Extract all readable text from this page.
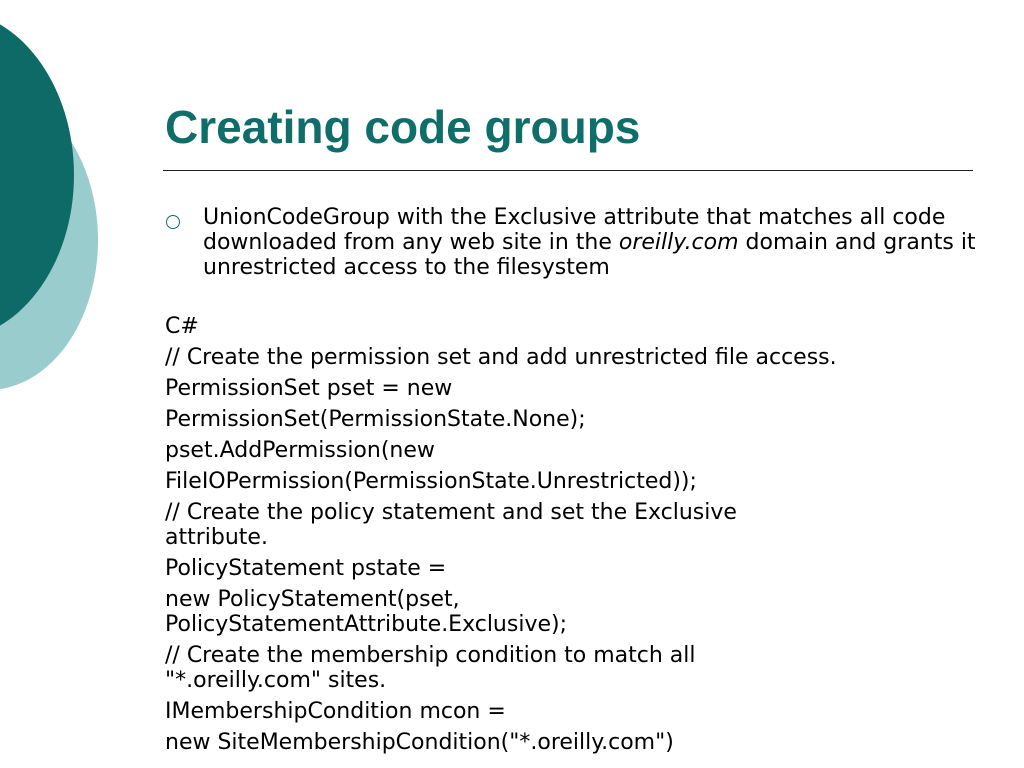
Creating code groups

UnionCodeGroup with the Exclusive attribute that matches all code downloaded from any web site in the oreilly.com domain and grants it unrestricted access to the filesystem

C#
// Create the permission set and add unrestricted file access.
PermissionSet pset = new
PermissionSet(PermissionState.None);
pset.AddPermission(new
FileIOPermission(PermissionState.Unrestricted));
// Create the policy statement and set the Exclusive
attribute.
PolicyStatement pstate =
new PolicyStatement(pset,
PolicyStatementAttribute.Exclusive);
// Create the membership condition to match all
"*.oreilly.com" sites.
IMembershipCondition mcon =
new SiteMembershipCondition("*.oreilly.com")
